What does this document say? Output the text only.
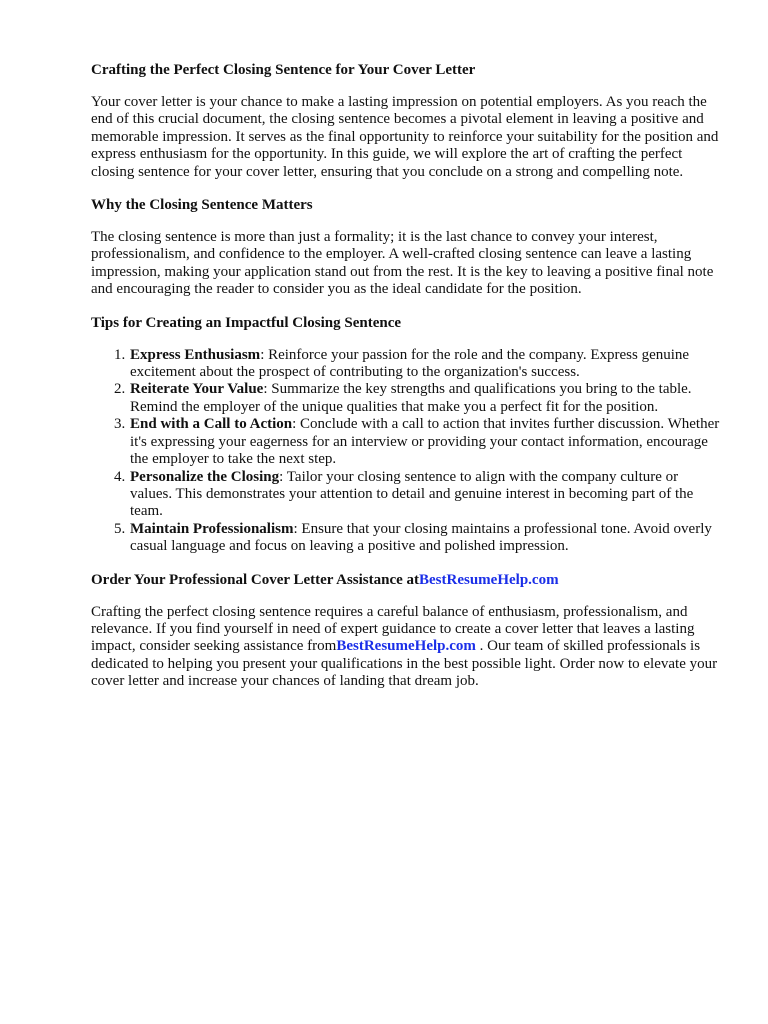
Crafting the Perfect Closing Sentence for Your Cover Letter

Your cover letter is your chance to make a lasting impression on potential employers. As you reach the end of this crucial document, the closing sentence becomes a pivotal element in leaving a positive and memorable impression. It serves as the final opportunity to reinforce your suitability for the position and express enthusiasm for the opportunity. In this guide, we will explore the art of crafting the perfect closing sentence for your cover letter, ensuring that you conclude on a strong and compelling note.

Why the Closing Sentence Matters

The closing sentence is more than just a formality; it is the last chance to convey your interest, professionalism, and confidence to the employer. A well-crafted closing sentence can leave a lasting impression, making your application stand out from the rest. It is the key to leaving a positive final note and encouraging the reader to consider you as the ideal candidate for the position.

Tips for Creating an Impactful Closing Sentence
1. Express Enthusiasm: Reinforce your passion for the role and the company. Express genuine excitement about the prospect of contributing to the organization's success.
2. Reiterate Your Value: Summarize the key strengths and qualifications you bring to the table. Remind the employer of the unique qualities that make you a perfect fit for the position.
3. End with a Call to Action: Conclude with a call to action that invites further discussion. Whether it's expressing your eagerness for an interview or providing your contact information, encourage the employer to take the next step.
4. Personalize the Closing: Tailor your closing sentence to align with the company culture or values. This demonstrates your attention to detail and genuine interest in becoming part of the team.
5. Maintain Professionalism: Ensure that your closing maintains a professional tone. Avoid overly casual language and focus on leaving a positive and polished impression.
Order Your Professional Cover Letter Assistance atBestResumeHelp.com

Crafting the perfect closing sentence requires a careful balance of enthusiasm, professionalism, and relevance. If you find yourself in need of expert guidance to create a cover letter that leaves a lasting impact, consider seeking assistance fromBestResumeHelp.com . Our team of skilled professionals is dedicated to helping you present your qualifications in the best possible light. Order now to elevate your cover letter and increase your chances of landing that dream job.
